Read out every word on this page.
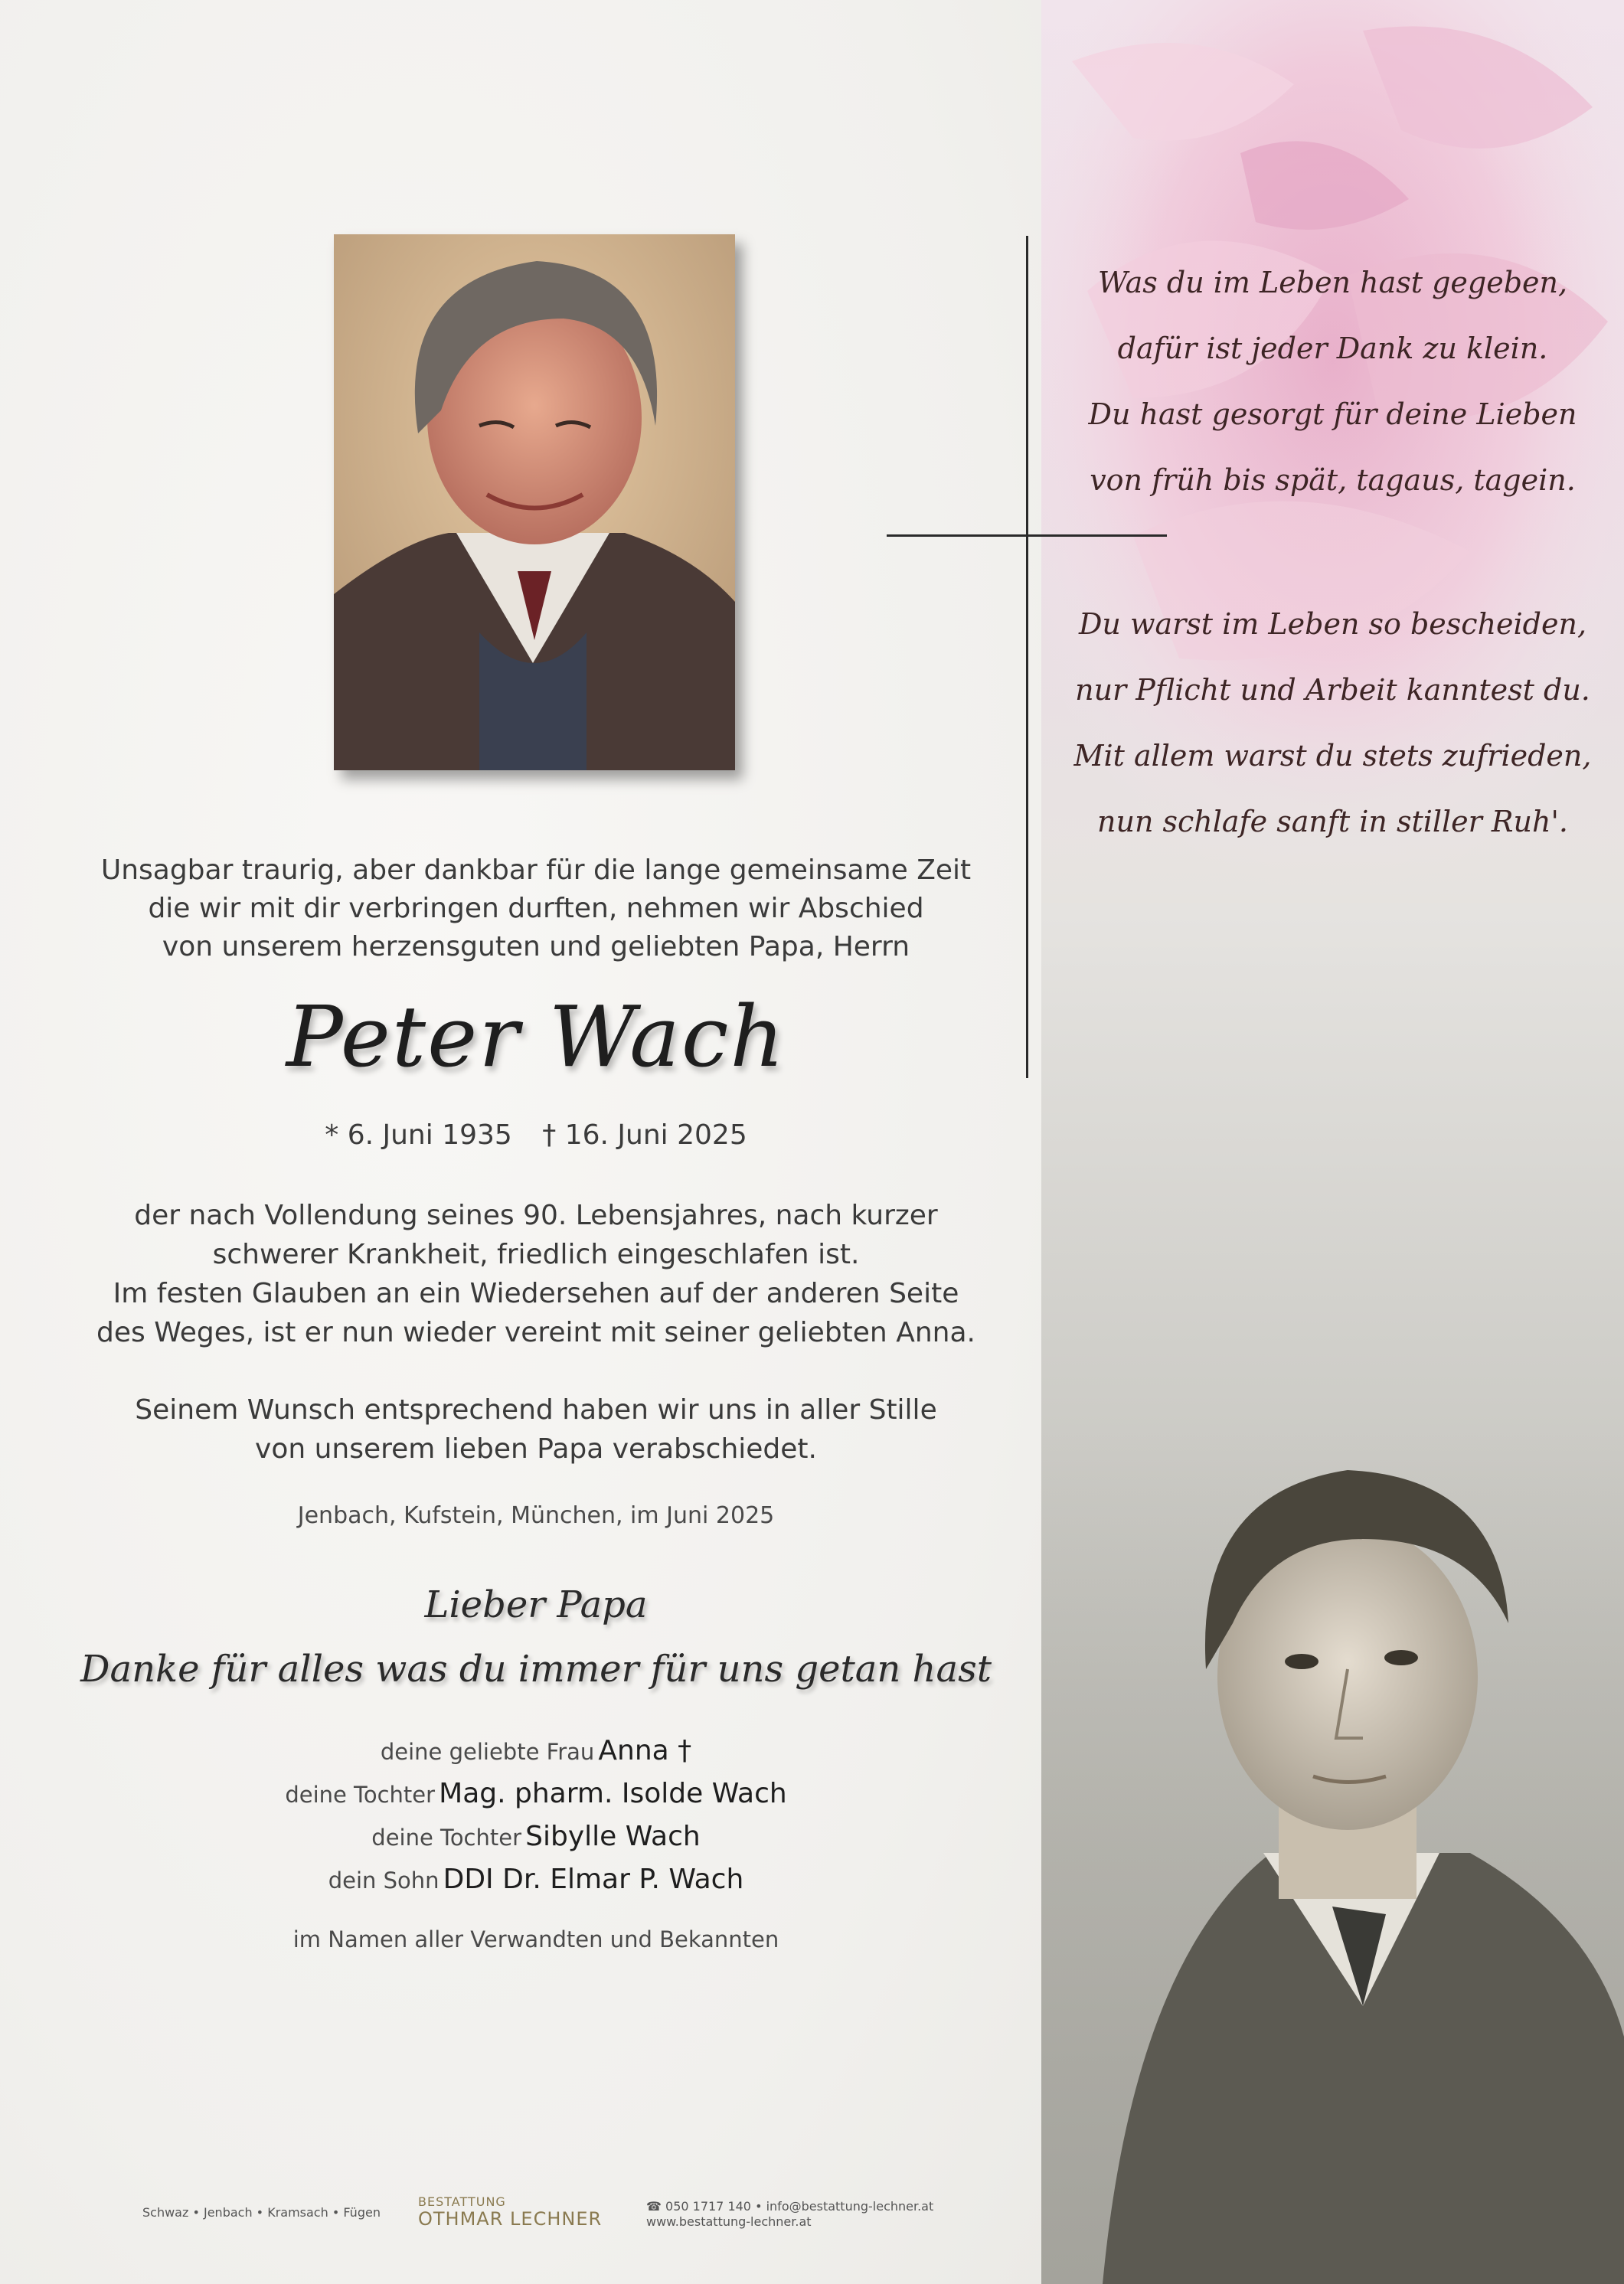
Was du im Leben hast gegeben,
dafür ist jeder Dank zu klein.
Du hast gesorgt für deine Lieben
von früh bis spät, tagaus, tagein.
Du warst im Leben so bescheiden,
nur Pflicht und Arbeit kanntest du.
Mit allem warst du stets zufrieden,
nun schlafe sanft in stiller Ruh'.
Unsagbar traurig, aber dankbar für die lange gemeinsame Zeit
die wir mit dir verbringen durften, nehmen wir Abschied
von unserem herzensguten und geliebten Papa, Herrn
Peter Wach
* 6. Juni 1935 † 16. Juni 2025
der nach Vollendung seines 90. Lebensjahres, nach kurzer
schwerer Krankheit, friedlich eingeschlafen ist.
Im festen Glauben an ein Wiedersehen auf der anderen Seite
des Weges, ist er nun wieder vereint mit seiner geliebten Anna.
Seinem Wunsch entsprechend haben wir uns in aller Stille
von unserem lieben Papa verabschiedet.
Jenbach, Kufstein, München, im Juni 2025
Lieber Papa
Danke für alles was du immer für uns getan hast
deine geliebte Frau Anna †
deine Tochter Mag. pharm. Isolde Wach
deine Tochter Sibylle Wach
dein Sohn DDI Dr. Elmar P. Wach
im Namen aller Verwandten und Bekannten
Schwaz • Jenbach • Kramsach • Fügen
BESTATTUNG
OTHMAR LECHNER
☎ 050 1717 140 • info@bestattung-lechner.at
www.bestattung-lechner.at
